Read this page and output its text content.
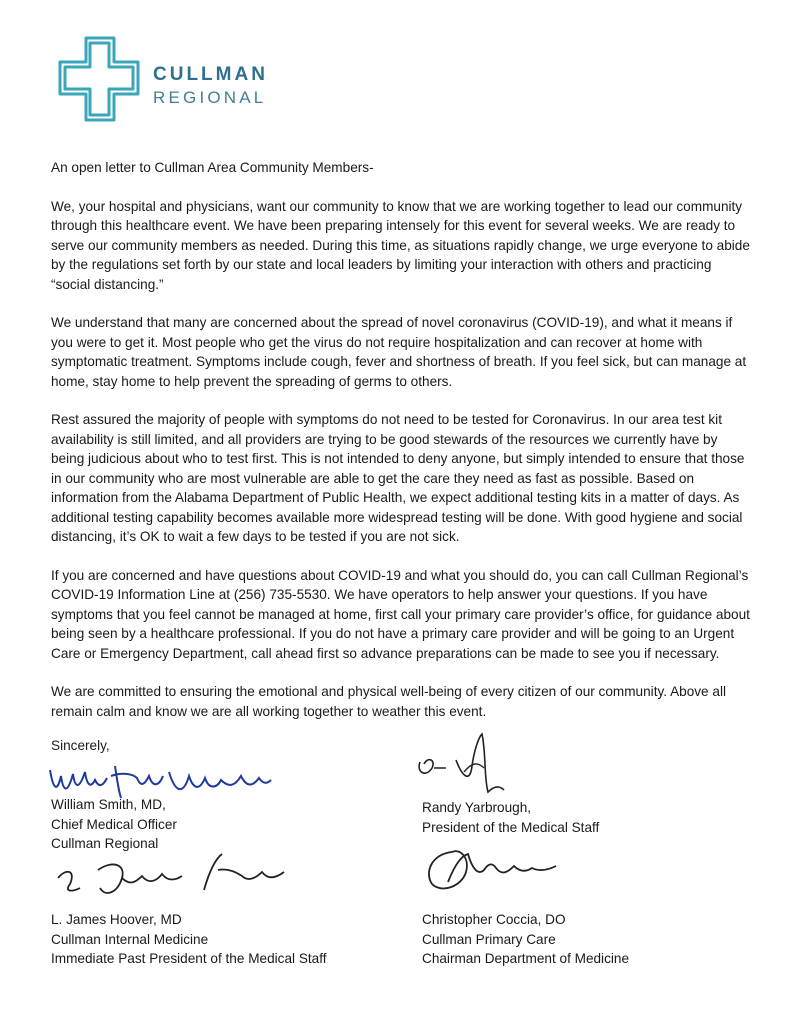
CULLMAN
REGIONAL

An open letter to Cullman Area Community Members-

We, your hospital and physicians, want our community to know that we are working together to lead our community through this healthcare event. We have been preparing intensely for this event for several weeks. We are ready to serve our community members as needed. During this time, as situations rapidly change, we urge everyone to abide by the regulations set forth by our state and local leaders by limiting your interaction with others and practicing “social distancing.”

We understand that many are concerned about the spread of novel coronavirus (COVID-19), and what it means if you were to get it. Most people who get the virus do not require hospitalization and can recover at home with symptomatic treatment. Symptoms include cough, fever and shortness of breath. If you feel sick, but can manage at home, stay home to help prevent the spreading of germs to others.

Rest assured the majority of people with symptoms do not need to be tested for Coronavirus. In our area test kit availability is still limited, and all providers are trying to be good stewards of the resources we currently have by being judicious about who to test first. This is not intended to deny anyone, but simply intended to ensure that those in our community who are most vulnerable are able to get the care they need as fast as possible. Based on information from the Alabama Department of Public Health, we expect additional testing kits in a matter of days. As additional testing capability becomes available more widespread testing will be done. With good hygiene and social distancing, it’s OK to wait a few days to be tested if you are not sick.

If you are concerned and have questions about COVID-19 and what you should do, you can call Cullman Regional’s COVID-19 Information Line at (256) 735-5530. We have operators to help answer your questions. If you have symptoms that you feel cannot be managed at home, first call your primary care provider’s office, for guidance about being seen by a healthcare professional. If you do not have a primary care provider and will be going to an Urgent Care or Emergency Department, call ahead first so advance preparations can be made to see you if necessary.

We are committed to ensuring the emotional and physical well-being of every citizen of our community. Above all remain calm and know we are all working together to weather this event.

Sincerely,
William Smith, MD,
Chief Medical Officer
Cullman Regional
Randy Yarbrough,
President of the Medical Staff
L. James Hoover, MD
Cullman Internal Medicine
Immediate Past President of the Medical Staff
Christopher Coccia, DO
Cullman Primary Care
Chairman Department of Medicine
